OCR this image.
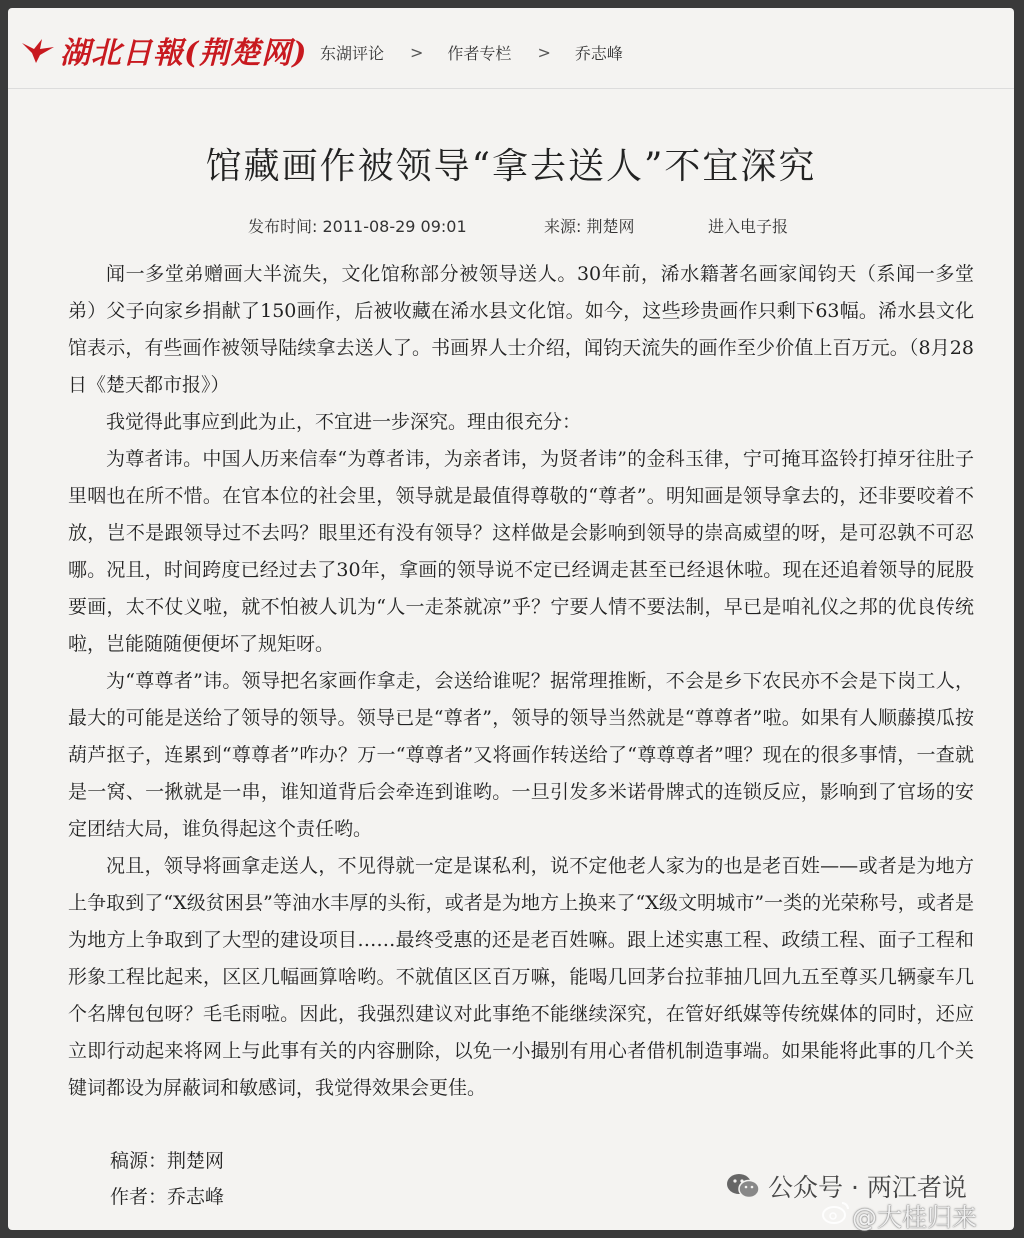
湖北日報(荆楚网) 东湖评论 > 作者专栏 > 乔志峰
馆藏画作被领导“拿去送人”不宜深究
发布时间: 2011-08-29 09:01	来源: 荆楚网	进入电子报

闻一多堂弟赠画大半流失，文化馆称部分被领导送人。30年前，浠水籍著名画家闻钧天（系闻一多堂弟）父子向家乡捐献了150画作，后被收藏在浠水县文化馆。如今，这些珍贵画作只剩下63幅。浠水县文化馆表示，有些画作被领导陆续拿去送人了。书画界人士介绍，闻钧天流失的画作至少价值上百万元。（8月28日《楚天都市报》）

我觉得此事应到此为止，不宜进一步深究。理由很充分：

为尊者讳。中国人历来信奉“为尊者讳，为亲者讳，为贤者讳”的金科玉律，宁可掩耳盗铃打掉牙往肚子里咽也在所不惜。在官本位的社会里，领导就是最值得尊敬的“尊者”。明知画是领导拿去的，还非要咬着不放，岂不是跟领导过不去吗？眼里还有没有领导？这样做是会影响到领导的崇高威望的呀，是可忍孰不可忍哪。况且，时间跨度已经过去了30年，拿画的领导说不定已经调走甚至已经退休啦。现在还追着领导的屁股要画，太不仗义啦，就不怕被人讥为“人一走茶就凉”乎？宁要人情不要法制，早已是咱礼仪之邦的优良传统啦，岂能随随便便坏了规矩呀。

为“尊尊者”讳。领导把名家画作拿走，会送给谁呢？据常理推断，不会是乡下农民亦不会是下岗工人，最大的可能是送给了领导的领导。领导已是“尊者”，领导的领导当然就是“尊尊者”啦。如果有人顺藤摸瓜按葫芦抠子，连累到“尊尊者”咋办？万一“尊尊者”又将画作转送给了“尊尊尊者”哩？现在的很多事情，一查就是一窝、一揪就是一串，谁知道背后会牵连到谁哟。一旦引发多米诺骨牌式的连锁反应，影响到了官场的安定团结大局，谁负得起这个责任哟。

况且，领导将画拿走送人，不见得就一定是谋私利，说不定他老人家为的也是老百姓——或者是为地方上争取到了“X级贫困县”等油水丰厚的头衔，或者是为地方上换来了“X级文明城市”一类的光荣称号，或者是为地方上争取到了大型的建设项目……最终受惠的还是老百姓嘛。跟上述实惠工程、政绩工程、面子工程和形象工程比起来，区区几幅画算啥哟。不就值区区百万嘛，能喝几回茅台拉菲抽几回九五至尊买几辆豪车几个名牌包包呀？毛毛雨啦。因此，我强烈建议对此事绝不能继续深究，在管好纸媒等传统媒体的同时，还应立即行动起来将网上与此事有关的内容删除，以免一小撮别有用心者借机制造事端。如果能将此事的几个关键词都设为屏蔽词和敏感词，我觉得效果会更佳。

稿源：荆楚网
作者：乔志峰	公众号 · 两江者说
@大桂归来
